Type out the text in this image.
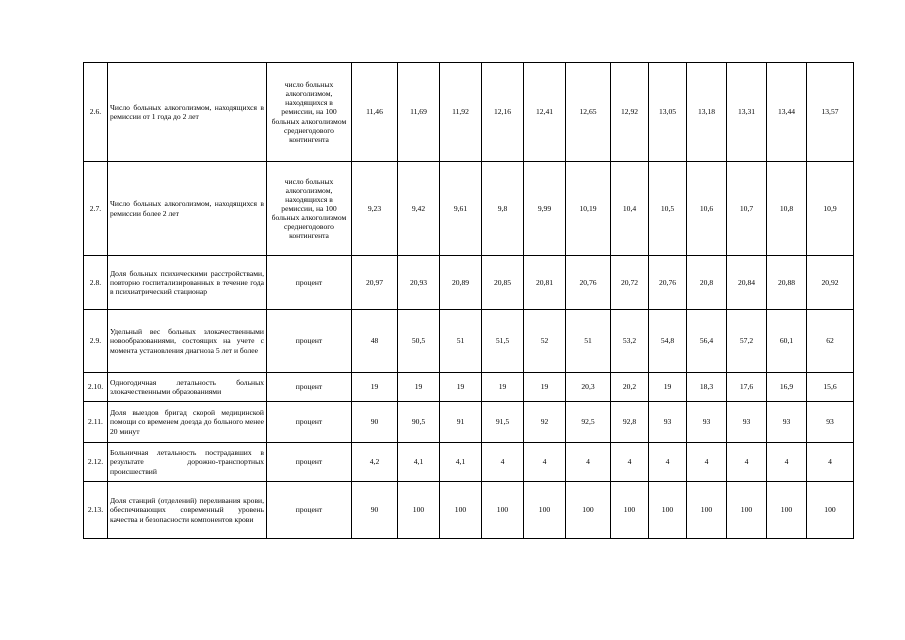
2.6.	Число больных алкоголизмом, находящихся в ремиссии от 1 года до 2 лет	число больных алкоголизмом, находящихся в ремиссии, на 100 больных алкоголизмом среднегодового контингента	11,46	11,69	11,92	12,16	12,41	12,65	12,92	13,05	13,18	13,31	13,44	13,57
2.7.	Число больных алкоголизмом, находящихся в ремиссии более 2 лет	число больных алкоголизмом, находящихся в ремиссии, на 100 больных алкоголизмом среднегодового контингента	9,23	9,42	9,61	9,8	9,99	10,19	10,4	10,5	10,6	10,7	10,8	10,9
2.8.	Доля больных психическими расстройствами, повторно госпитализированных в течение года в психиатрический стационар	процент	20,97	20,93	20,89	20,85	20,81	20,76	20,72	20,76	20,8	20,84	20,88	20,92
2.9.	Удельный вес больных злокачественными новообразованиями, состоящих на учете с момента установления диагноза 5 лет и более	процент	48	50,5	51	51,5	52	51	53,2	54,8	56,4	57,2	60,1	62
2.10.	Одногодичная летальность больных злокачественными образованиями	процент	19	19	19	19	19	20,3	20,2	19	18,3	17,6	16,9	15,6
2.11.	Доля выездов бригад скорой медицинской помощи со временем доезда до больного менее 20 минут	процент	90	90,5	91	91,5	92	92,5	92,8	93	93	93	93	93
2.12.	Больничная летальность пострадавших в результате дорожно-транспортных происшествий	процент	4,2	4,1	4,1	4	4	4	4	4	4	4	4	4
2.13.	Доля станций (отделений) переливания крови, обеспечивающих современный уровень качества и безопасности компонентов крови	процент	90	100	100	100	100	100	100	100	100	100	100	100
